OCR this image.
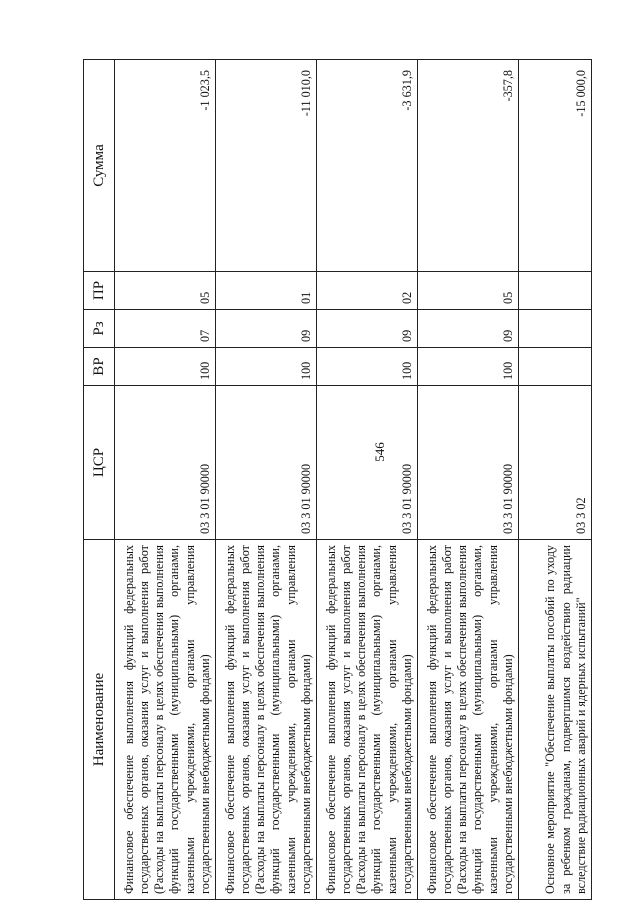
546
Наименование	ЦСР	ВР	Рз	ПР	Сумма
Финансовое обеспечение выполнения функций федеральных государственных органов, оказания услуг и выполнения работ (Расходы на выплаты персоналу в целях обеспечения выполнения функций государственными (муниципальными) органами, казенными учреждениями, органами управления государственными внебюджетными фондами)	03 3 01 90000	100	07	05	-1 023,5
Финансовое обеспечение выполнения функций федеральных государственных органов, оказания услуг и выполнения работ (Расходы на выплаты персоналу в целях обеспечения выполнения функций государственными (муниципальными) органами, казенными учреждениями, органами управления государственными внебюджетными фондами)	03 3 01 90000	100	09	01	-11 010,0
Финансовое обеспечение выполнения функций федеральных государственных органов, оказания услуг и выполнения работ (Расходы на выплаты персоналу в целях обеспечения выполнения функций государственными (муниципальными) органами, казенными учреждениями, органами управления государственными внебюджетными фондами)	03 3 01 90000	100	09	02	-3 631,9
Финансовое обеспечение выполнения функций федеральных государственных органов, оказания услуг и выполнения работ (Расходы на выплаты персоналу в целях обеспечения выполнения функций государственными (муниципальными) органами, казенными учреждениями, органами управления государственными внебюджетными фондами)	03 3 01 90000	100	09	05	-357,8
Основное мероприятие "Обеспечение выплаты пособий по уходу за ребенком гражданам, подвергшимся воздействию радиации вследствие радиационных аварий и ядерных испытаний"	03 3 02				-15 000,0
